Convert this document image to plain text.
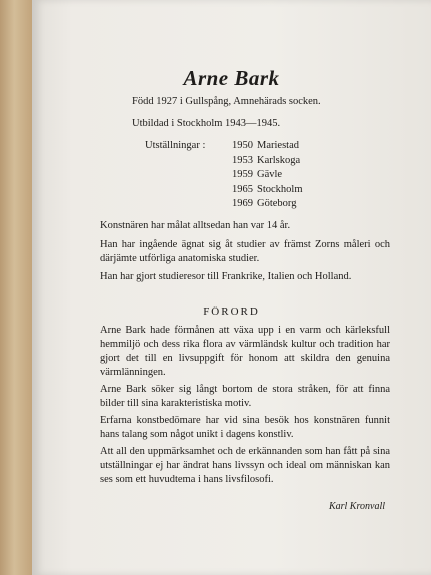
Arne Bark

Född 1927 i Gullspång, Amnehärads socken.

Utbildad i Stockholm 1943—1945.

Utställningar :	1950 Mariestad
1953 Karlskoga
1959 Gävle
1965 Stockholm
1969 Göteborg

Konstnären har målat alltsedan han var 14 år.

Han har ingående ägnat sig åt studier av främst Zorns måleri och därjämte utförliga anatomiska studier.

Han har gjort studieresor till Frankrike, Italien och Holland.

FÖRORD

Arne Bark hade förmånen att växa upp i en varm och kärleksfull hemmiljö och dess rika flora av värmländsk kultur och tradition har gjort det till en livsuppgift för honom att skildra den genuina värmlänningen.

Arne Bark söker sig långt bortom de stora stråken, för att finna bilder till sina karakteristiska motiv.

Erfarna konstbedömare har vid sina besök hos konstnären funnit hans talang som något unikt i dagens konstliv.

Att all den uppmärksamhet och de erkännanden som han fått på sina utställningar ej har ändrat hans livssyn och ideal om människan kan ses som ett huvudtema i hans livsfilosofi.

Karl Kronvall
